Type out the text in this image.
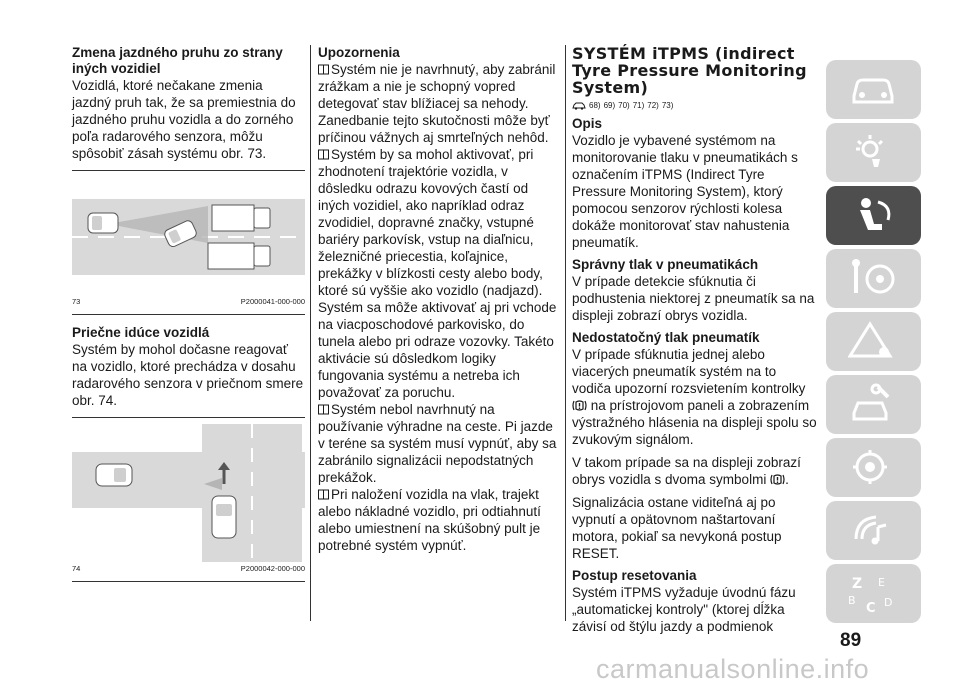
Zmena jazdného pruhu zo strany iných vozidiel

Vozidlá, ktoré nečakane zmenia jazdný pruh tak, že sa premiestnia do jazdného pruhu vozidla a do zorného poľa radarového senzora, môžu spôsobiť zásah systému obr. 73.

73	P2000041-000-000
Priečne idúce vozidlá

Systém by mohol dočasne reagovať na vozidlo, ktoré prechádza v dosahu radarového senzora v priečnom smere obr. 74.

74	P2000042-000-000
Upozornenia

Systém nie je navrhnutý, aby zabránil zrážkam a nie je schopný vopred detegovať stav blížiacej sa nehody. Zanedbanie tejto skutočnosti môže byť príčinou vážnych aj smrteľných nehôd.

Systém by sa mohol aktivovať, pri zhodnotení trajektórie vozidla, v dôsledku odrazu kovových častí od iných vozidiel, ako napríklad odraz zvodidiel, dopravné značky, vstupné bariéry parkovísk, vstup na diaľnicu, železničné priecestia, koľajnice, prekážky v blízkosti cesty alebo body, ktoré sú vyššie ako vozidlo (nadjazd). Systém sa môže aktivovať aj pri vchode na viacposchodové parkovisko, do tunela alebo pri odraze vozovky. Takéto aktivácie sú dôsledkom logiky fungovania systému a netreba ich považovať za poruchu.

Systém nebol navrhnutý na používanie výhradne na ceste. Pi jazde v teréne sa systém musí vypnúť, aby sa zabránilo signalizácii nepodstatných prekážok.

Pri naložení vozidla na vlak, trajekt alebo nákladné vozidlo, pri odtiahnutí alebo umiestnení na skúšobný pult je potrebné systém vypnúť.

SYSTÉM iTPMS (indirect Tyre Pressure Monitoring System)
68) 69) 70) 71) 72) 73)
Opis

Vozidlo je vybavené systémom na monitorovanie tlaku v pneumatikách s označením iTPMS (Indirect Tyre Pressure Monitoring System), ktorý pomocou senzorov rýchlosti kolesa dokáže monitorovať stav nahustenia pneumatík.

Správny tlak v pneumatikách

V prípade detekcie sfúknutia či podhustenia niektorej z pneumatík sa na displeji zobrazí obrys vozidla.

Nedostatočný tlak pneumatík

V prípade sfúknutia jednej alebo viacerých pneumatík systém na to vodiča upozorní rozsvietením kontrolky  na prístrojovom paneli a zobrazením výstražného hlásenia na displeji spolu so zvukovým signálom.

V takom prípade sa na displeji zobrazí obrys vozidla s dvoma symbolmi .

Signalizácia ostane viditeľná aj po vypnutí a opätovnom naštartovaní motora, pokiaľ sa nevykoná postup RESET.

Postup resetovania

Systém iTPMS vyžaduje úvodnú fázu „automatickej kontroly" (ktorej dĺžka závisí od štýlu jazdy a podmienok

Z E
B
C D
89
carmanualsonline.info
